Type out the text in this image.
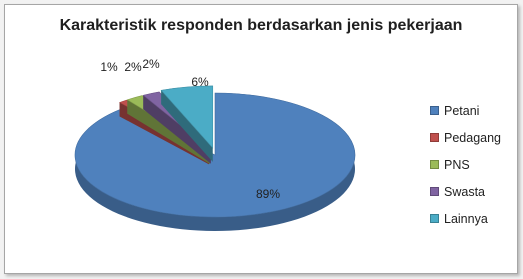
Karakteristik responden berdasarkan jenis pekerjaan
89%
1% 2% 2%
6%
Petani
Pedagang
PNS
Swasta
Lainnya
